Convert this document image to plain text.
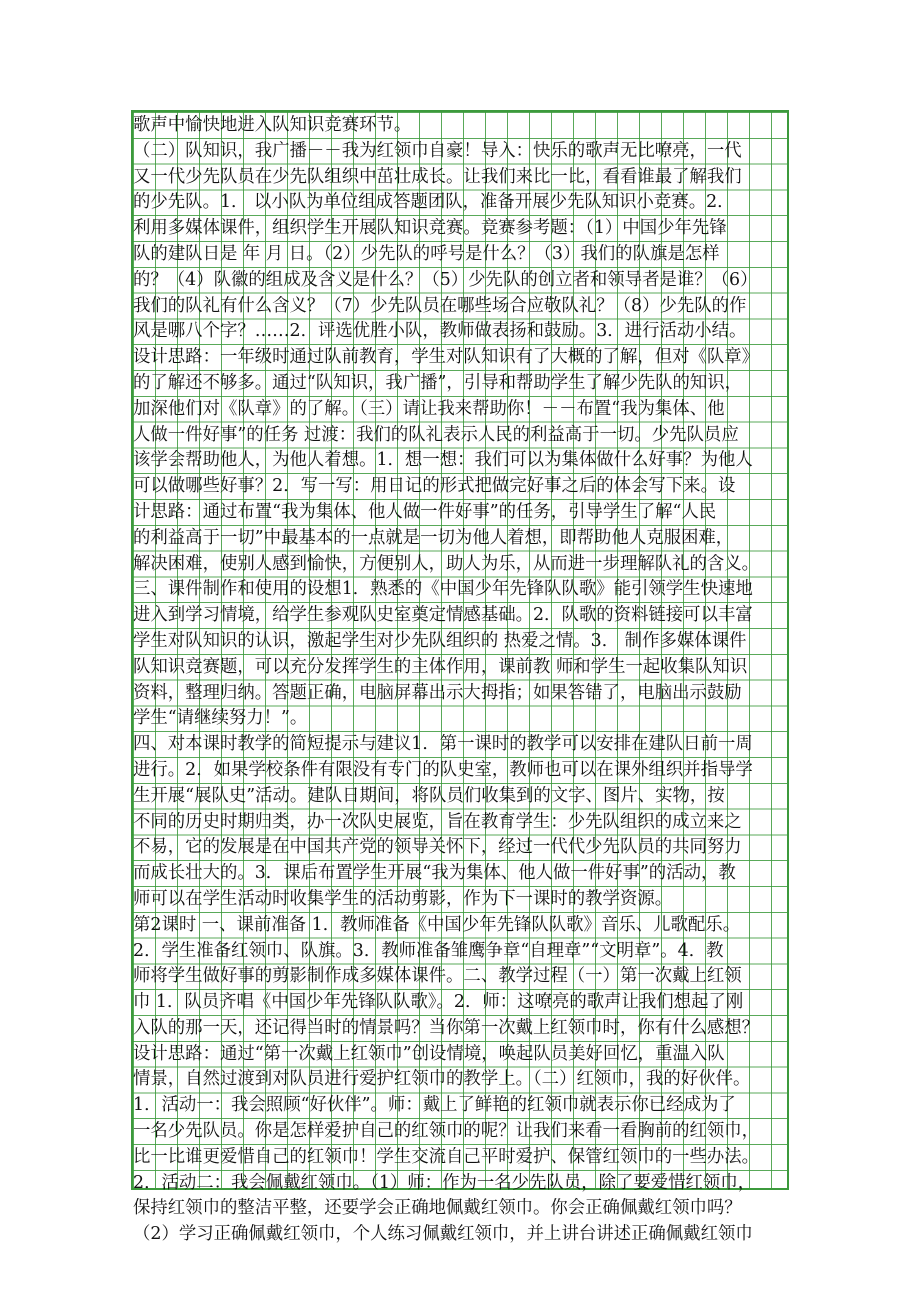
歌声中愉快地进入队知识竞赛环节。
（二）队知识，我广播－－我为红领巾自豪！导入：快乐的歌声无比嘹亮，一代
又一代少先队员在少先队组织中茁壮成长。让我们来比一比，看看谁最了解我们
的少先队。1． 以小队为单位组成答题团队，准备开展少先队知识小竞赛。2．
利用多媒体课件，组织学生开展队知识竞赛。竞赛参考题：（1）中国少年先锋
队的建队日是 年 月 日。（2）少先队的呼号是什么？（3）我们的队旗是怎样
的？（4）队徽的组成及含义是什么？（5）少先队的创立者和领导者是谁？（6）
我们的队礼有什么含义？（7）少先队员在哪些场合应敬队礼？（8）少先队的作
风是哪八个字？……2．评选优胜小队，教师做表扬和鼓励。3．进行活动小结。
设计思路：一年级时通过队前教育，学生对队知识有了大概的了解，但对《队章》
的了解还不够多。通过“队知识，我广播”，引导和帮助学生了解少先队的知识，
加深他们对《队章》的了解。（三）请让我来帮助你！－－布置“我为集体、他
人做一件好事”的任务 过渡：我们的队礼表示人民的利益高于一切。少先队员应
该学会帮助他人，为他人着想。1．想一想：我们可以为集体做什么好事？为他人
可以做哪些好事？2．写一写：用日记的形式把做完好事之后的体会写下来。设
计思路：通过布置“我为集体、他人做一件好事”的任务，引导学生了解“人民
的利益高于一切”中最基本的一点就是一切为他人着想，即帮助他人克服困难，
解决困难，使别人感到愉快，方便别人，助人为乐，从而进一步理解队礼的含义。
三、课件制作和使用的设想1．熟悉的《中国少年先锋队队歌》能引领学生快速地
进入到学习情境，给学生参观队史室奠定情感基础。2．队歌的资料链接可以丰富
学生对队知识的认识，激起学生对少先队组织的 热爱之情。3． 制作多媒体课件
队知识竞赛题，可以充分发挥学生的主体作用，课前教 师和学生一起收集队知识
资料，整理归纳。答题正确，电脑屏幕出示大拇指；如果答错了，电脑出示鼓励
学生“请继续努力！”。
四、对本课时教学的简短提示与建议1．第一课时的教学可以安排在建队日前一周
进行。2．如果学校条件有限没有专门的队史室，教师也可以在课外组织并指导学
生开展“展队史”活动。建队日期间，将队员们收集到的文字、图片、实物，按
不同的历史时期归类，办一次队史展览，旨在教育学生：少先队组织的成立来之
不易，它的发展是在中国共产党的领导关怀下，经过一代代少先队员的共同努力
而成长壮大的。3．课后布置学生开展“我为集体、他人做一件好事”的活动，教
师可以在学生活动时收集学生的活动剪影，作为下一课时的教学资源。
第2课时 一、课前准备 1．教师准备《中国少年先锋队队歌》音乐、儿歌配乐。
2．学生准备红领巾、队旗。3．教师准备雏鹰争章“自理章”“文明章”。4．教
师将学生做好事的剪影制作成多媒体课件。二、教学过程（一）第一次戴上红领
巾 1．队员齐唱《中国少年先锋队队歌》。2．师：这嘹亮的歌声让我们想起了刚
入队的那一天，还记得当时的情景吗？当你第一次戴上红领巾时，你有什么感想？
设计思路：通过“第一次戴上红领巾”创设情境，唤起队员美好回忆，重温入队
情景，自然过渡到对队员进行爱护红领巾的教学上。（二）红领巾，我的好伙伴。
1．活动一：我会照顾“好伙伴”。师：戴上了鲜艳的红领巾就表示你已经成为了
一名少先队员。你是怎样爱护自己的红领巾的呢？让我们来看一看胸前的红领巾，
比一比谁更爱惜自己的红领巾！学生交流自己平时爱护、保管红领巾的一些办法。
2．活动二：我会佩戴红领巾。（1）师：作为一名少先队员，除了要爱惜红领巾，
保持红领巾的整洁平整，还要学会正确地佩戴红领巾。你会正确佩戴红领巾吗？
（2）学习正确佩戴红领巾，个人练习佩戴红领巾，并上讲台讲述正确佩戴红领巾
